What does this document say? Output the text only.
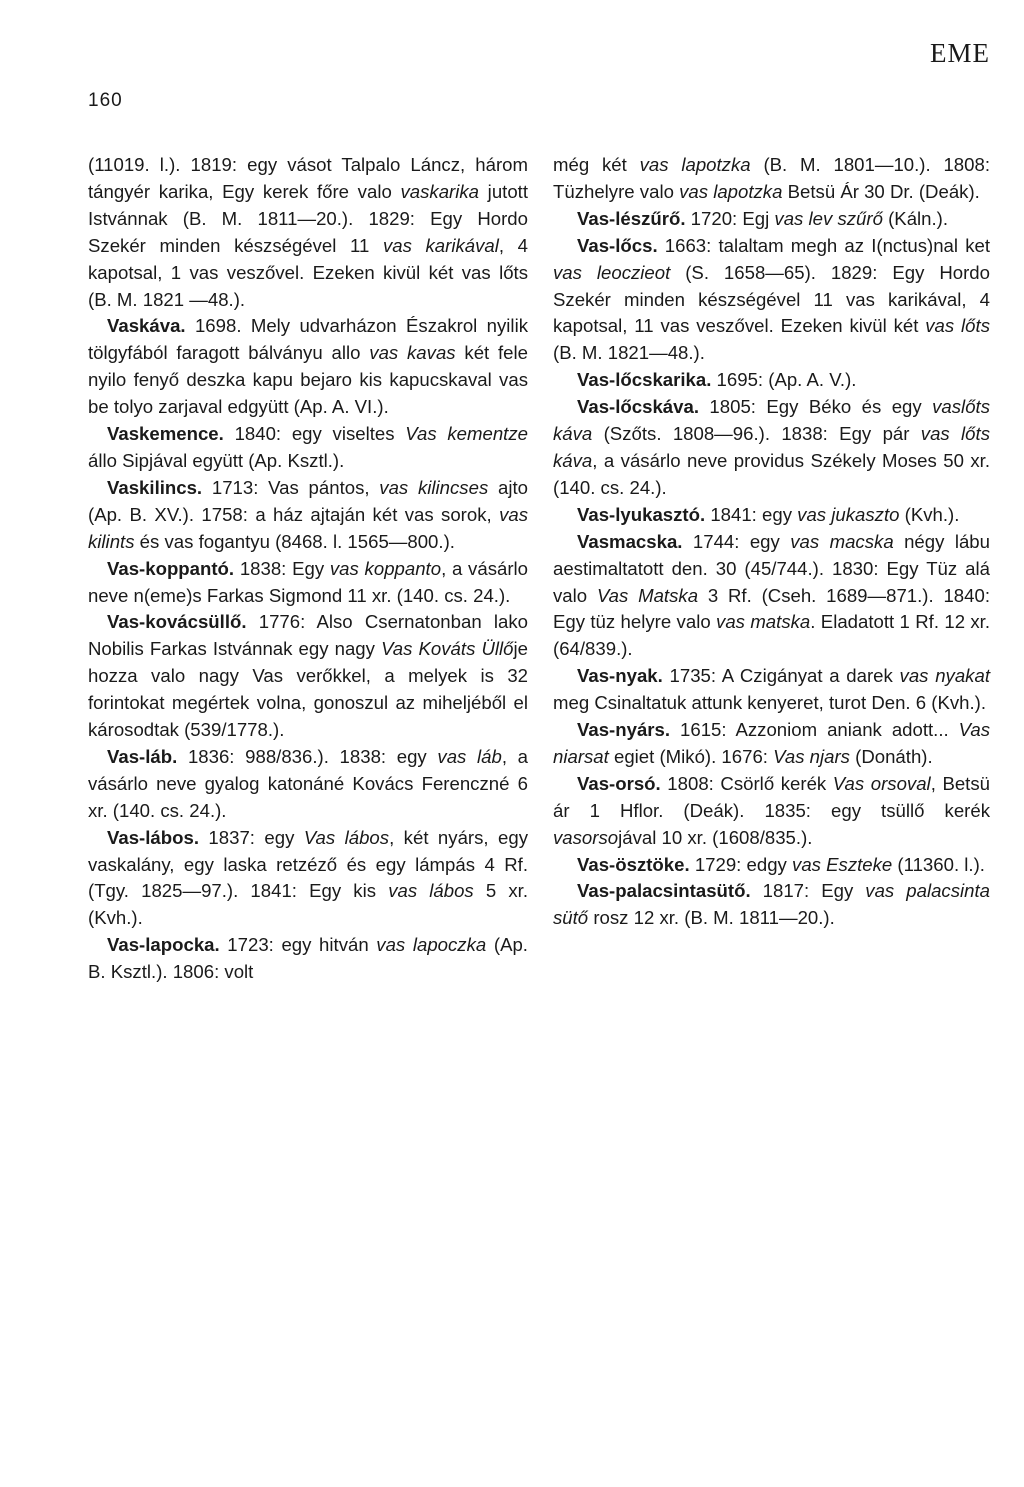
160
EME

(11019. l.). 1819: egy vásot Talpalo Láncz, három tángyér karika, Egy kerek főre valo vaskarika jutott Istvánnak (B. M. 1811—20.). 1829: Egy Hordo Szekér minden készségével 11 vas karikával, 4 kapotsal, 1 vas veszővel. Ezeken kivül két vas lőts (B. M. 1821 —48.).

Vaskáva. 1698. Mely udvarházon Északrol nyilik tölgyfából faragott bálványu allo vas kavas két fele nyilo fenyő deszka kapu bejaro kis kapucskaval vas be tolyo zarjaval edgyütt (Ap. A. VI.).

Vaskemence. 1840: egy viseltes Vas kementze állo Sipjával együtt (Ap. Ksztl.).

Vaskilincs. 1713: Vas pántos, vas kilincses ajto (Ap. B. XV.). 1758: a ház ajtaján két vas sorok, vas kilints és vas fogantyu (8468. l. 1565—800.).

Vas-koppantó. 1838: Egy vas koppanto, a vásárlo neve n(eme)s Farkas Sigmond 11 xr. (140. cs. 24.).

Vas-kovácsüllő. 1776: Also Csernatonban lako Nobilis Farkas Istvánnak egy nagy Vas Kováts Üllője hozza valo nagy Vas verőkkel, a melyek is 32 forintokat megértek volna, gonoszul az miheljéből el károsodtak (539/1778.).

Vas-láb. 1836: 988/836.). 1838: egy vas láb, a vásárlo neve gyalog katonáné Kovács Ferenczné 6 xr. (140. cs. 24.).

Vas-lábos. 1837: egy Vas lábos, két nyárs, egy vaskalány, egy laska retzéző és egy lámpás 4 Rf. (Tgy. 1825—97.). 1841: Egy kis vas lábos 5 xr. (Kvh.).

Vas-lapocka. 1723: egy hitván vas lapoczka (Ap. B. Ksztl.). 1806: volt

még két vas lapotzka (B. M. 1801—10.). 1808: Tüzhelyre valo vas lapotzka Betsü Ár 30 Dr. (Deák).

Vas-lészűrő. 1720: Egj vas lev szűrő (Káln.).

Vas-lőcs. 1663: talaltam megh az I(nctus)nal ket vas leoczieot (S. 1658—65). 1829: Egy Hordo Szekér minden készségével 11 vas karikával, 4 kapotsal, 11 vas veszővel. Ezeken kivül két vas lőts (B. M. 1821—48.).

Vas-lőcskarika. 1695: (Ap. A. V.).

Vas-lőcskáva. 1805: Egy Béko és egy vaslőts káva (Szőts. 1808—96.). 1838: Egy pár vas lőts káva, a vásárlo neve providus Székely Moses 50 xr. (140. cs. 24.).

Vas-lyukasztó. 1841: egy vas jukaszto (Kvh.).

Vasmacska. 1744: egy vas macska négy lábu aestimaltatott den. 30 (45/744.). 1830: Egy Tüz alá valo Vas Matska 3 Rf. (Cseh. 1689—871.). 1840: Egy tüz helyre valo vas matska. Eladatott 1 Rf. 12 xr. (64/839.).

Vas-nyak. 1735: A Czigányat a darek vas nyakat meg Csinaltatuk attunk kenyeret, turot Den. 6 (Kvh.).

Vas-nyárs. 1615: Azzoniom aniank adott... Vas niarsat egiet (Mikó). 1676: Vas njars (Donáth).

Vas-orsó. 1808: Csörlő kerék Vas orsoval, Betsü ár 1 Hflor. (Deák). 1835: egy tsüllő kerék vasorsojával 10 xr. (1608/835.).

Vas-ösztöke. 1729: edgy vas Esztekе (11360. l.).

Vas-palacsintasütő. 1817: Egy vas palacsinta sütő rosz 12 xr. (B. M. 1811—20.).
